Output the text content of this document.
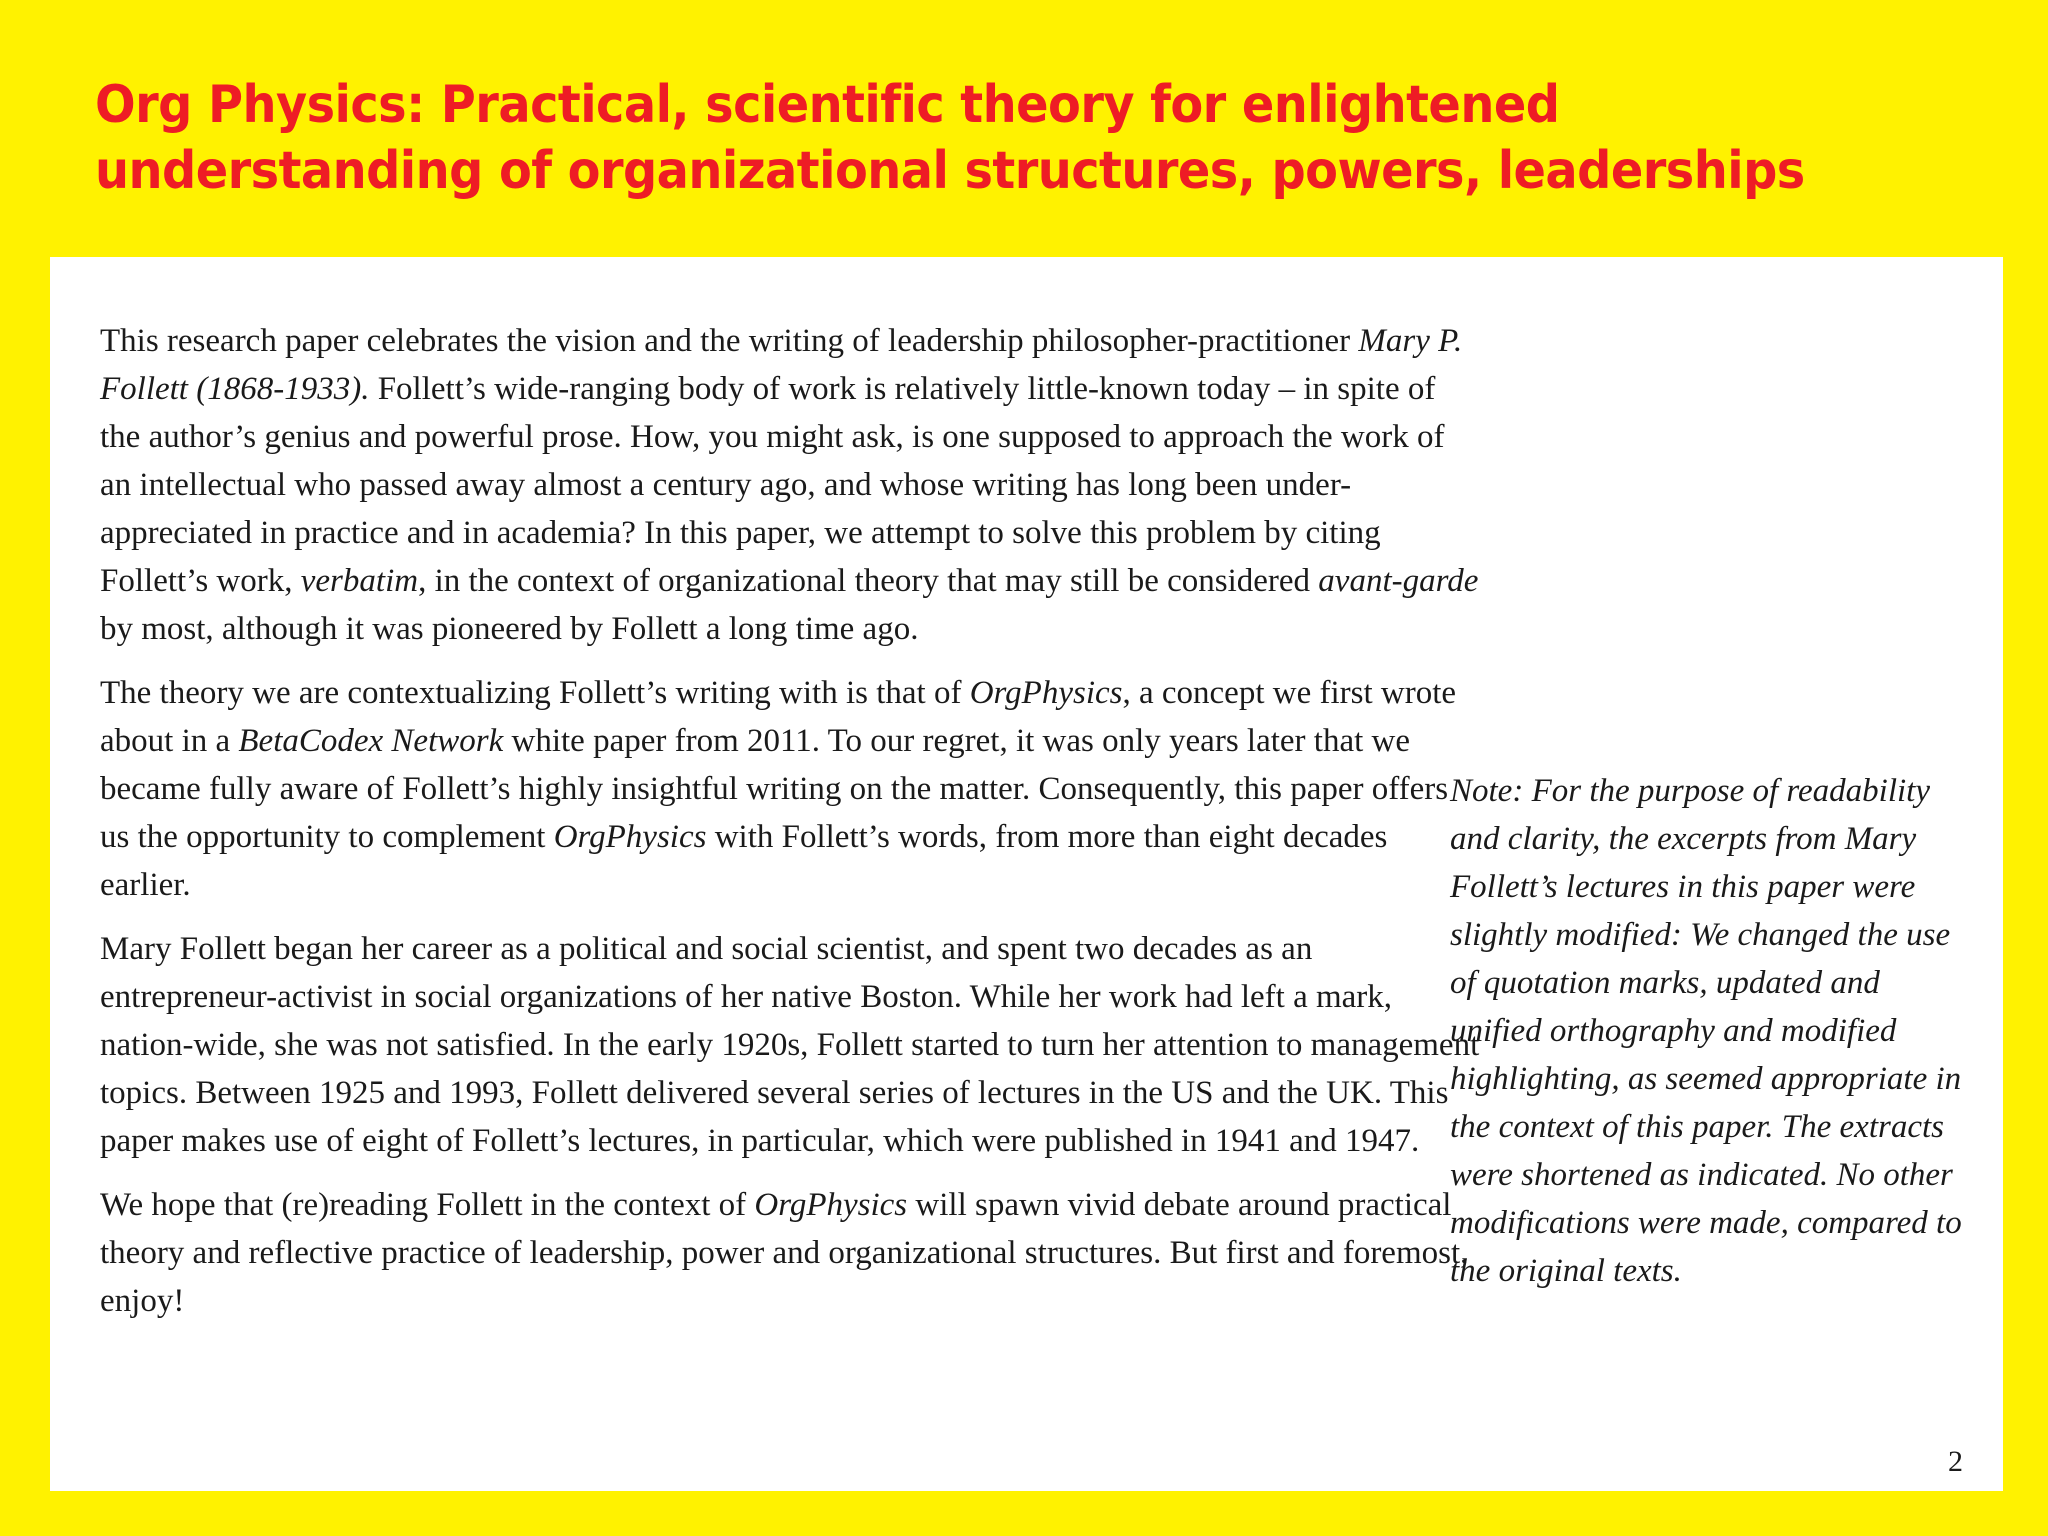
Org Physics: Practical, scientific theory for enlightened
understanding of organizational structures, powers, leaderships

This research paper celebrates the vision and the writing of leadership philosopher-practitioner Mary P. Follett (1868-1933). Follett’s wide-ranging body of work is relatively little-known today – in spite of the author’s genius and powerful prose. How, you might ask, is one supposed to approach the work of an intellectual who passed away almost a century ago, and whose writing has long been under-appreciated in practice and in academia? In this paper, we attempt to solve this problem by citing Follett’s work, verbatim, in the context of organizational theory that may still be considered avant-garde by most, although it was pioneered by Follett a long time ago.

The theory we are contextualizing Follett’s writing with is that of OrgPhysics, a concept we first wrote about in a BetaCodex Network white paper from 2011. To our regret, it was only years later that we became fully aware of Follett’s highly insightful writing on the matter. Consequently, this paper offers us the opportunity to complement OrgPhysics with Follett’s words, from more than eight decades earlier.

Mary Follett began her career as a political and social scientist, and spent two decades as an entrepreneur-activist in social organizations of her native Boston. While her work had left a mark, nation-wide, she was not satisfied. In the early 1920s, Follett started to turn her attention to management topics. Between 1925 and 1993, Follett delivered several series of lectures in the US and the UK. This paper makes use of eight of Follett’s lectures, in particular, which were published in 1941 and 1947.

We hope that (re)reading Follett in the context of OrgPhysics will spawn vivid debate around practical theory and reflective practice of leadership, power and organizational structures. But first and foremost, enjoy!

Note: For the purpose of readability and clarity, the excerpts from Mary Follett’s lectures in this paper were slightly modified: We changed the use of quotation marks, updated and unified orthography and modified highlighting, as seemed appropriate in the context of this paper. The extracts were shortened as indicated. No other modifications were made, compared to the original texts.

2
